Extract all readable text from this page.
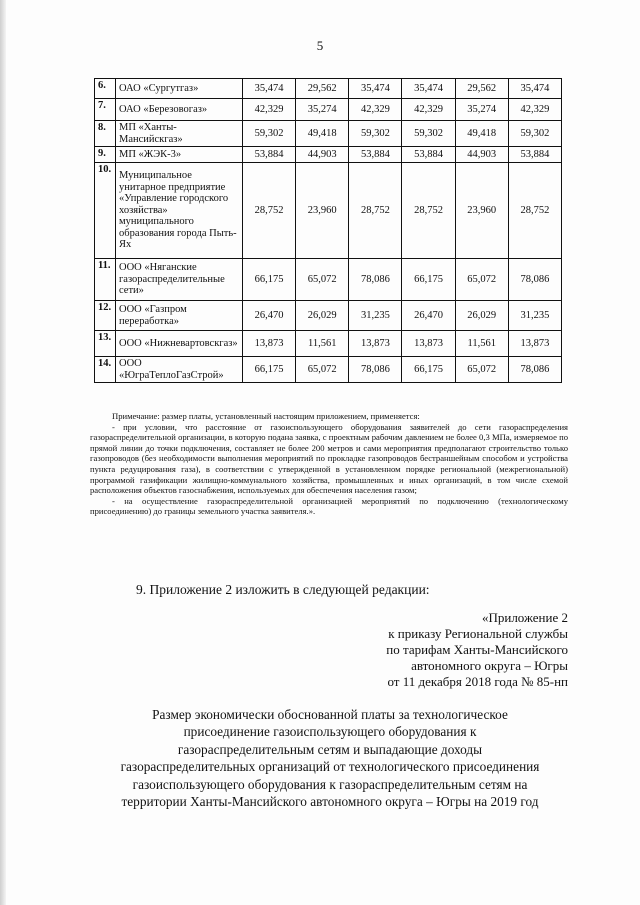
5
6.	ОАО «Сургутгаз»	35,474	29,562	35,474	35,474	29,562	35,474
7.	ОАО «Березовогаз»	42,329	35,274	42,329	42,329	35,274	42,329
8.	МП «Ханты-Мансийскгаз»	59,302	49,418	59,302	59,302	49,418	59,302
9.	МП «ЖЭК-3»	53,884	44,903	53,884	53,884	44,903	53,884
10.	Муниципальное унитарное предприятие «Управление городского хозяйства» муниципального образования города Пыть-Ях	28,752	23,960	28,752	28,752	23,960	28,752
11.	ООО «Няганские газораспределительные сети»	66,175	65,072	78,086	66,175	65,072	78,086
12.	ООО «Газпром переработка»	26,470	26,029	31,235	26,470	26,029	31,235
13.	ООО «Нижневартовскгаз»	13,873	11,561	13,873	13,873	11,561	13,873
14.	ООО «ЮграТеплоГазСтрой»	66,175	65,072	78,086	66,175	65,072	78,086

Примечание: размер платы, установленный настоящим приложением, применяется:

- при условии, что расстояние от газоиспользующего оборудования заявителей до сети газораспределения газораспределительной организации, в которую подана заявка, с проектным рабочим давлением не более 0,3 МПа, измеряемое по прямой линии до точки подключения, составляет не более 200 метров и сами мероприятия предполагают строительство только газопроводов (без необходимости выполнения мероприятий по прокладке газопроводов бестраншейным способом и устройства пункта редуцирования газа), в соответствии с утвержденной в установленном порядке региональной (межрегиональной) программой газификации жилищно-коммунального хозяйства, промышленных и иных организаций, в том числе схемой расположения объектов газоснабжения, используемых для обеспечения населения газом;

- на осуществление газораспределительной организацией мероприятий по подключению (технологическому присоединению) до границы земельного участка заявителя.».

9. Приложение 2 изложить в следующей редакции:
«Приложение 2
к приказу Региональной службы
по тарифам Ханты-Мансийского
автономного округа – Югры
от 11 декабря 2018 года № 85-нп
Размер экономически обоснованной платы за технологическое
присоединение газоиспользующего оборудования к
газораспределительным сетям и выпадающие доходы
газораспределительных организаций от технологического присоединения
газоиспользующего оборудования к газораспределительным сетям на
территории Ханты-Мансийского автономного округа – Югры на 2019 год
